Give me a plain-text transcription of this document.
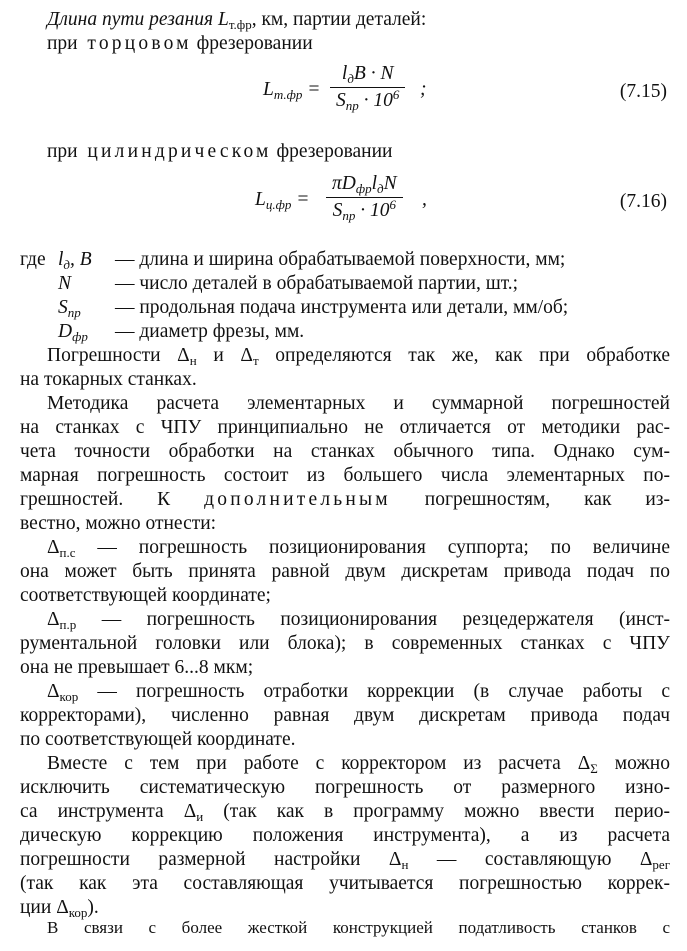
Длина пути резания $L_{т.фр}$, км, партии деталей:
при торцовом фрезеровании
$L_{т.фр}$ =
$l_дB \cdot N$
$S_{пр} \cdot 10^6$	;	(7.15)
при цилиндрическом фрезеровании
$L_{ц.фр}$ =
$\pi D_{фр}l_дN$
$S_{пр} \cdot 10^6$	,	(7.16)
где $l_д$, B — длина и ширина обрабатываемой поверхности, мм;
N — число деталей в обрабатываемой партии, шт.;
$S_{пр}$ — продольная подача инструмента или детали, мм/об;
$D_{фр}$ — диаметр фрезы, мм.
Погрешности $\Delta_н$ и $\Delta_т$ определяются так же, как при обработке
на токарных станках.
Методика расчета элементарных и суммарной погрешностей
на станках с ЧПУ принципиально не отличается от методики рас-
чета точности обработки на станках обычного типа. Однако сум-
марная погрешность состоит из большего числа элементарных по-
грешностей. К дополнительным погрешностям, как из-
вестно, можно отнести:
$\Delta_{п.с}$ — погрешность позиционирования суппорта; по величине
она может быть принята равной двум дискретам привода подач по
соответствующей координате;
$\Delta_{п.р}$ — погрешность позиционирования резцедержателя (инст-
рументальной головки или блока); в современных станках с ЧПУ
она не превышает 6...8 мкм;
$\Delta_{кор}$ — погрешность отработки коррекции (в случае работы с
корректорами), численно равная двум дискретам привода подач
по соответствующей координате.
Вместе с тем при работе с корректором из расчета $\Delta_\Sigma$ можно
исключить систематическую погрешность от размерного изно-
са инструмента $\Delta_и$ (так как в программу можно ввести перио-
дическую коррекцию положения инструмента), а из расчета
погрешности размерной настройки $\Delta_н$ — составляющую $\Delta_{рег}$
(так как эта составляющая учитывается погрешностью коррек-
ции $\Delta_{кор}$).
В связи с более жесткой конструкцией податливость станков с
